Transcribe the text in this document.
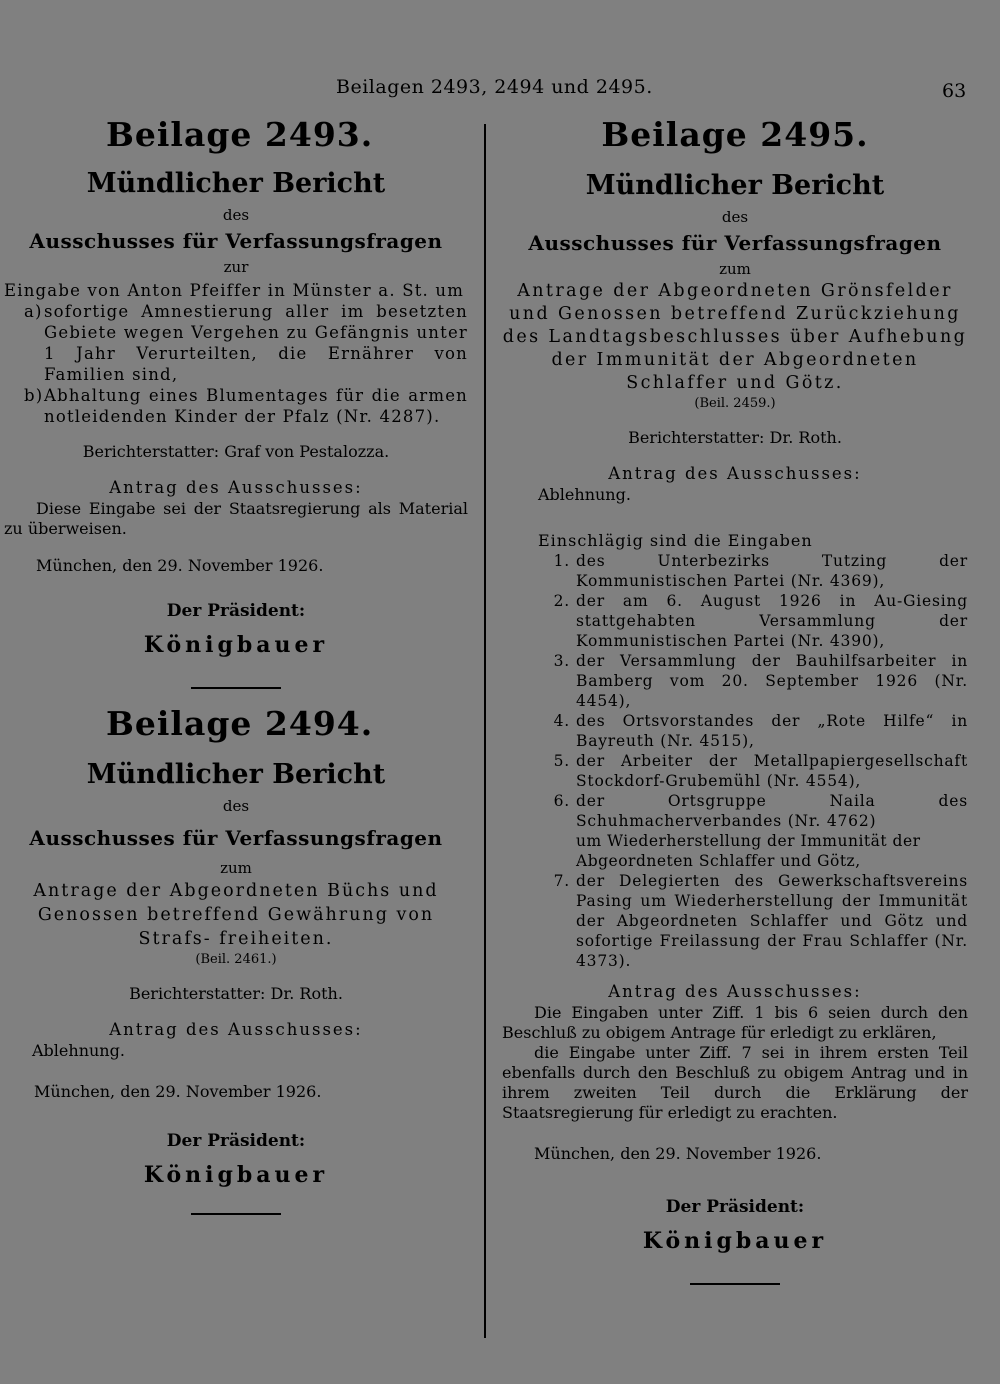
Beilagen 2493, 2494 und 2495.	63
Beilage 2493.
Mündlicher Bericht
des
Ausschusses für Verfassungsfragen
zur
Eingabe von Anton Pfeiffer in Münster a. St. um
a) sofortige Amnestierung aller im besetzten Gebiete wegen Vergehen zu Gefängnis unter 1 Jahr Verurteilten, die Ernährer von Familien sind,
b) Abhaltung eines Blumentages für die armen notleidenden Kinder der Pfalz (Nr. 4287).
Berichterstatter: Graf von Pestalozza.
Antrag des Ausschusses:
Diese Eingabe sei der Staatsregierung als Material zu überweisen.
München, den 29. November 1926.
Der Präsident:
Königbauer
Beilage 2494.
Mündlicher Bericht
des
Ausschusses für Verfassungsfragen
zum
Antrage der Abgeordneten Büchs und Genossen betreffend Gewährung von Strafs- freiheiten.
(Beil. 2461.)
Berichterstatter: Dr. Roth.
Antrag des Ausschusses:
Ablehnung.
München, den 29. November 1926.
Der Präsident:
Königbauer
Beilage 2495.
Mündlicher Bericht
des
Ausschusses für Verfassungsfragen
zum
Antrage der Abgeordneten Grönsfelder und Genossen betreffend Zurückziehung des Landtagsbeschlusses über Aufhebung der Immunität der Abgeordneten Schlaffer und Götz.
(Beil. 2459.)
Berichterstatter: Dr. Roth.
Antrag des Ausschusses:
Ablehnung.
Einschlägig sind die Eingaben
1. des Unterbezirks Tutzing der Kommunistischen Partei (Nr. 4369),
2. der am 6. August 1926 in Au-Giesing stattgehabten Versammlung der Kommunistischen Partei (Nr. 4390),
3. der Versammlung der Bauhilfsarbeiter in Bamberg vom 20. September 1926 (Nr. 4454),
4. des Ortsvorstandes der „Rote Hilfe“ in Bayreuth (Nr. 4515),
5. der Arbeiter der Metallpapiergesellschaft Stockdorf-Grubemühl (Nr. 4554),
6. der Ortsgruppe Naila des Schuhmacherverbandes (Nr. 4762)
um Wiederherstellung der Immunität der Abgeordneten Schlaffer und Götz,
7. der Delegierten des Gewerkschaftsvereins Pasing um Wiederherstellung der Immunität der Abgeordneten Schlaffer und Götz und sofortige Freilassung der Frau Schlaffer (Nr. 4373).
Antrag des Ausschusses:
Die Eingaben unter Ziff. 1 bis 6 seien durch den Beschluß zu obigem Antrage für erledigt zu erklären,
die Eingabe unter Ziff. 7 sei in ihrem ersten Teil ebenfalls durch den Beschluß zu obigem Antrag und in ihrem zweiten Teil durch die Erklärung der Staatsregierung für erledigt zu erachten.
München, den 29. November 1926.
Der Präsident:
Königbauer
